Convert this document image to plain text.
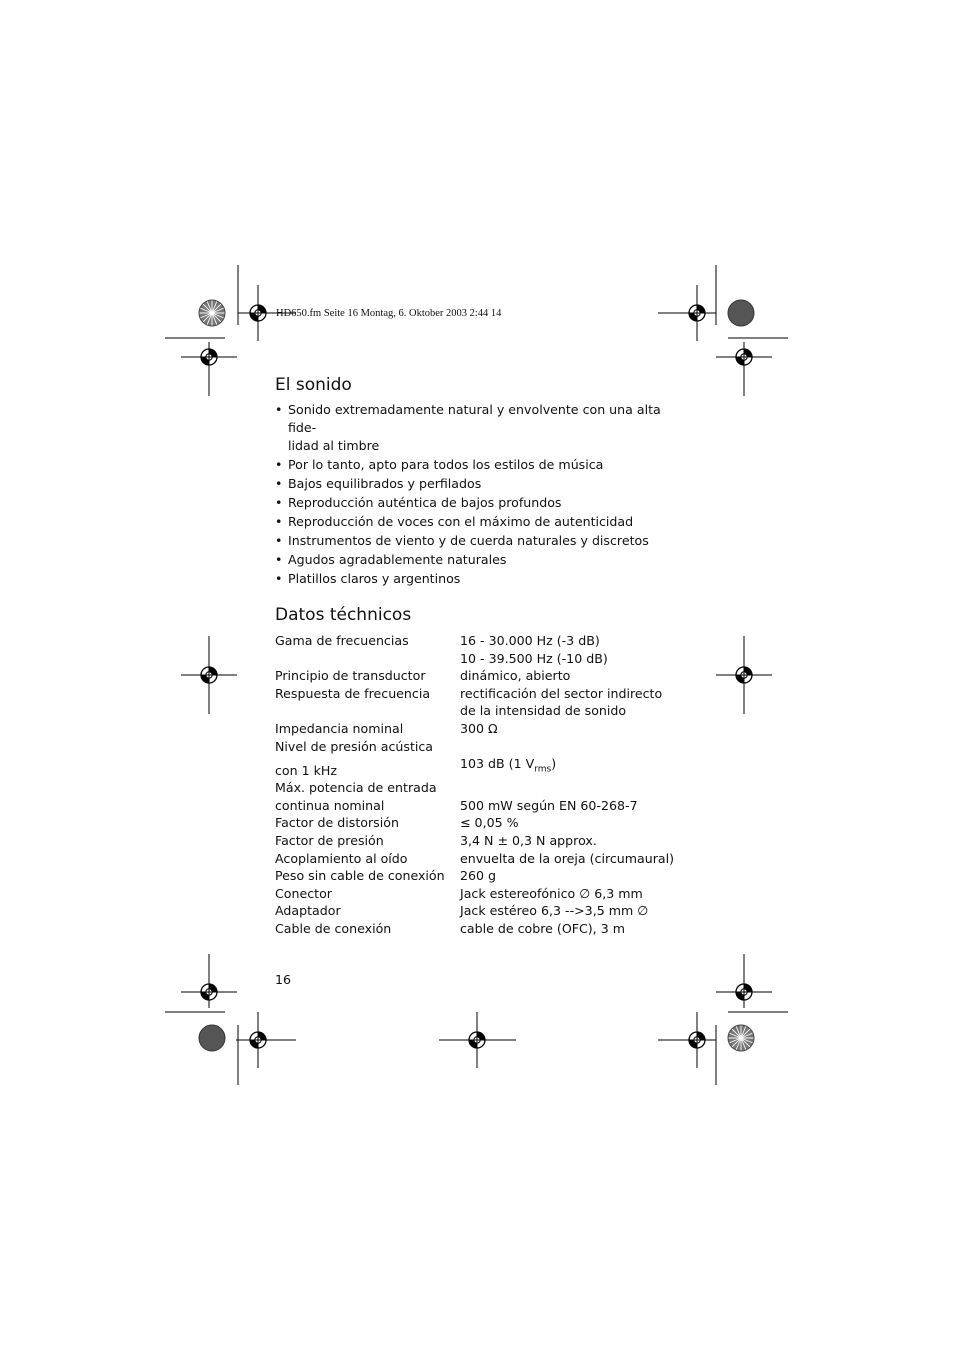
HD650.fm Seite 16 Montag, 6. Oktober 2003 2:44 14
El sonido
• Sonido extremadamente natural y envolvente con una alta fide-
lidad al timbre
• Por lo tanto, apto para todos los estilos de música
• Bajos equilibrados y perfilados
• Reproducción auténtica de bajos profundos
• Reproducción de voces con el máximo de autenticidad
• Instrumentos de viento y de cuerda naturales y discretos
• Agudos agradablemente naturales
• Platillos claros y argentinos
Datos téchnicos
Gama de frecuencias	16 - 30.000 Hz (-3 dB)
	10 - 39.500 Hz (-10 dB)
Principio de transductor	dinámico, abierto
Respuesta de frecuencia	rectificación del sector indirecto
	de la intensidad de sonido
Impedancia nominal	300 Ω
Nivel de presión acústica	
con 1 kHz	103 dB (1 $V_{rms}$)
Máx. potencia de entrada	
continua nominal	500 mW según EN 60-268-7
Factor de distorsión	≤ 0,05 %
Factor de presión	3,4 N ± 0,3 N approx.
Acoplamiento al oído	envuelta de la oreja (circumaural)
Peso sin cable de conexión	260 g
Conector	Jack estereofónico ∅ 6,3 mm
Adaptador	Jack estéreo 6,3 -->3,5 mm ∅
Cable de conexión	cable de cobre (OFC), 3 m
16
